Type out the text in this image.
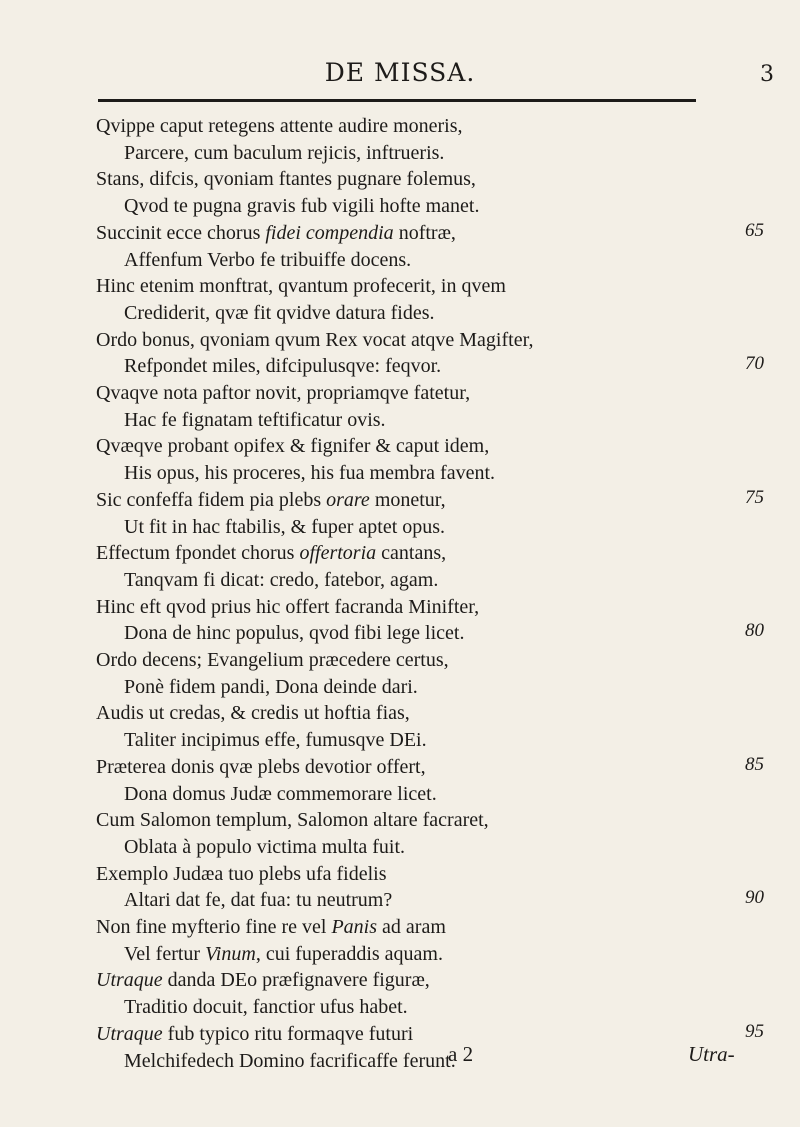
DE MISSA.	3
Qvippe caput retegens attente audire moneris,
Parcere, cum baculum rejicis, inftrueris.
Stans, difcis, qvoniam ftantes pugnare folemus,
Qvod te pugna gravis fub vigili hofte manet.
Succinit ecce chorus fidei compendia noftræ,
Affenfum Verbo fe tribuiffe docens.
Hinc etenim monftrat, qvantum profecerit, in qvem
Crediderit, qvæ fit qvidve datura fides.
Ordo bonus, qvoniam qvum Rex vocat atqve Magifter,
Refpondet miles, difcipulusqve: feqvor.
Qvaqve nota paftor novit, propriamqve fatetur,
Hac fe fignatam teftificatur ovis.
Qvæqve probant opifex & fignifer & caput idem,
His opus, his proceres, his fua membra favent.
Sic confeffa fidem pia plebs orare monetur,
Ut fit in hac ftabilis, & fuper aptet opus.
Effectum fpondet chorus offertoria cantans,
Tanqvam fi dicat: credo, fatebor, agam.
Hinc eft qvod prius hic offert facranda Minifter,
Dona de hinc populus, qvod fibi lege licet.
Ordo decens; Evangelium præcedere certus,
Ponè fidem pandi, Dona deinde dari.
Audis ut credas, & credis ut hoftia fias,
Taliter incipimus effe, fumusqve DEi.
Præterea donis qvæ plebs devotior offert,
Dona domus Judæ commemorare licet.
Cum Salomon templum, Salomon altare facraret,
Oblata à populo victima multa fuit.
Exemplo Judæa tuo plebs ufa fidelis
Altari dat fe, dat fua: tu neutrum?
Non fine myfterio fine re vel Panis ad aram
Vel fertur Vinum, cui fuperaddis aquam.
Utraque danda DEo præfignavere figuræ,
Traditio docuit, fanctior ufus habet.
Utraque fub typico ritu formaqve futuri
Melchifedech Domino facrificaffe ferunt.
65
70
75
80
85
90
95
a 2	Utra-
